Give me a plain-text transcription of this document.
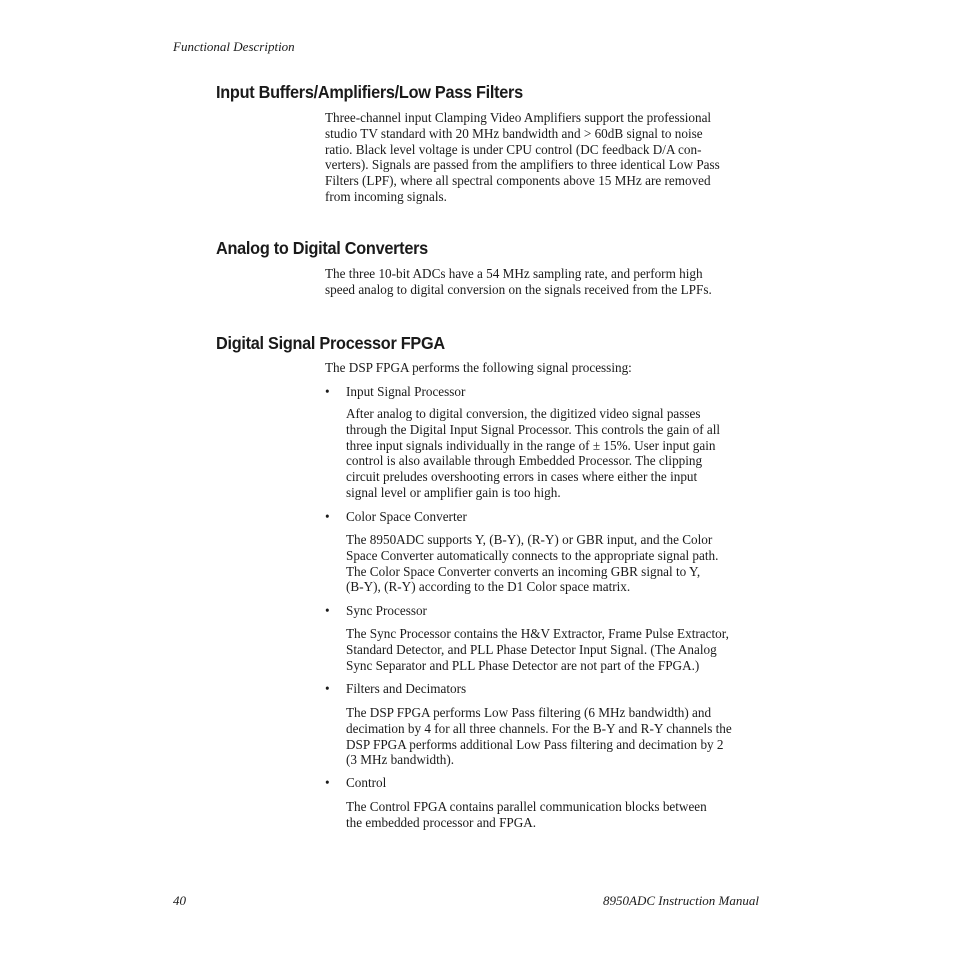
Functional Description
Input Buffers/Amplifiers/Low Pass Filters

Three-channel input Clamping Video Amplifiers support the professional

studio TV standard with 20 MHz bandwidth and > 60dB signal to noise

ratio. Black level voltage is under CPU control (DC feedback D/A con-

verters). Signals are passed from the amplifiers to three identical Low Pass

Filters (LPF), where all spectral components above 15 MHz are removed

from incoming signals.

Analog to Digital Converters

The three 10-bit ADCs have a 54 MHz sampling rate, and perform high

speed analog to digital conversion on the signals received from the LPFs.

Digital Signal Processor FPGA

The DSP FPGA performs the following signal processing:

• Input Signal Processor

After analog to digital conversion, the digitized video signal passes

through the Digital Input Signal Processor. This controls the gain of all

three input signals individually in the range of ± 15%. User input gain

control is also available through Embedded Processor. The clipping

circuit preludes overshooting errors in cases where either the input

signal level or amplifier gain is too high.

• Color Space Converter

The 8950ADC supports Y, (B-Y), (R-Y) or GBR input, and the Color

Space Converter automatically connects to the appropriate signal path.

The Color Space Converter converts an incoming GBR signal to Y,

(B-Y), (R-Y) according to the D1 Color space matrix.

• Sync Processor

The Sync Processor contains the H&V Extractor, Frame Pulse Extractor,

Standard Detector, and PLL Phase Detector Input Signal. (The Analog

Sync Separator and PLL Phase Detector are not part of the FPGA.)

• Filters and Decimators

The DSP FPGA performs Low Pass filtering (6 MHz bandwidth) and

decimation by 4 for all three channels. For the B-Y and R-Y channels the

DSP FPGA performs additional Low Pass filtering and decimation by 2

(3 MHz bandwidth).

• Control

The Control FPGA contains parallel communication blocks between

the embedded processor and FPGA.

40	8950ADC Instruction Manual
